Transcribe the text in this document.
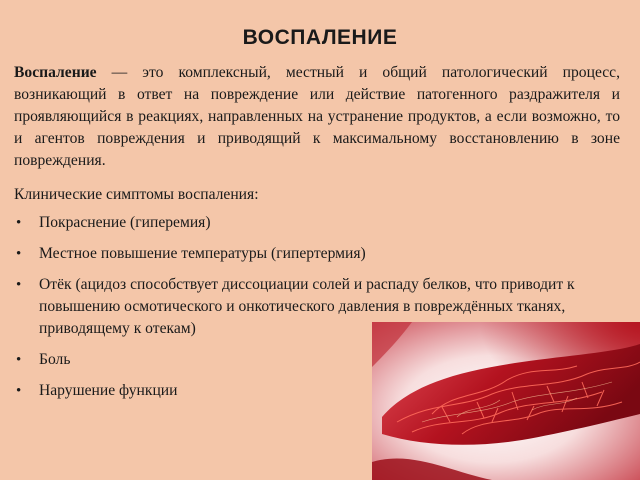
ВОСПАЛЕНИЕ
Воспаление — это комплексный, местный и общий патологический процесс, возникающий в ответ на повреждение или действие патогенного раздражителя и проявляющийся в реакциях, направленных на устранение продуктов, а если возможно, то и агентов повреждения и приводящий к максимальному восстановлению в зоне повреждения.
Клинические симптомы воспаления:
• Покраснение (гиперемия)
• Местное повышение температуры (гипертермия)
• Отёк (ацидоз способствует диссоциации солей и распаду белков, что приводит к повышению осмотического и онкотического давления в повреждённых тканях, приводящему к отекам)
• Боль
• Нарушение функции
